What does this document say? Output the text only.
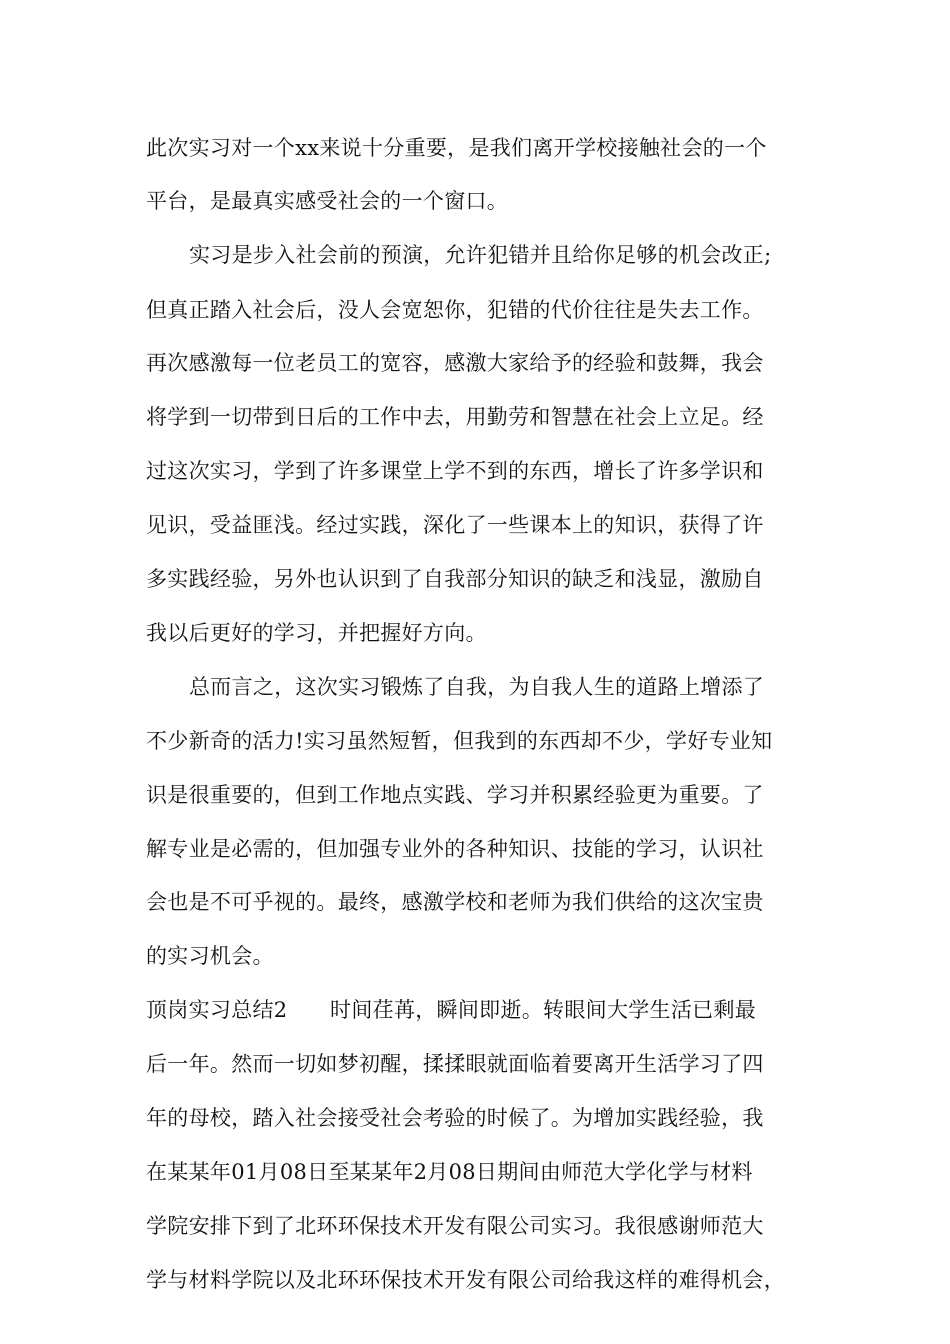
此次实习对一个xx来说十分重要，是我们离开学校接触社会的一个
平台，是最真实感受社会的一个窗口。
实习是步入社会前的预演，允许犯错并且给你足够的机会改正;
但真正踏入社会后，没人会宽恕你，犯错的代价往往是失去工作。
再次感激每一位老员工的宽容，感激大家给予的经验和鼓舞，我会
将学到一切带到日后的工作中去，用勤劳和智慧在社会上立足。经
过这次实习，学到了许多课堂上学不到的东西，增长了许多学识和
见识，受益匪浅。经过实践，深化了一些课本上的知识，获得了许
多实践经验，另外也认识到了自我部分知识的缺乏和浅显，激励自
我以后更好的学习，并把握好方向。
总而言之，这次实习锻炼了自我，为自我人生的道路上增添了
不少新奇的活力!实习虽然短暂，但我到的东西却不少，学好专业知
识是很重要的，但到工作地点实践、学习并积累经验更为重要。了
解专业是必需的，但加强专业外的各种知识、技能的学习，认识社
会也是不可乎视的。最终，感激学校和老师为我们供给的这次宝贵
的实习机会。
顶岗实习总结2　　时间荏苒，瞬间即逝。转眼间大学生活已剩最
后一年。然而一切如梦初醒，揉揉眼就面临着要离开生活学习了四
年的母校，踏入社会接受社会考验的时候了。为增加实践经验，我
在某某年01月08日至某某年2月08日期间由师范大学化学与材料
学院安排下到了北环环保技术开发有限公司实习。我很感谢师范大
学与材料学院以及北环环保技术开发有限公司给我这样的难得机会，
